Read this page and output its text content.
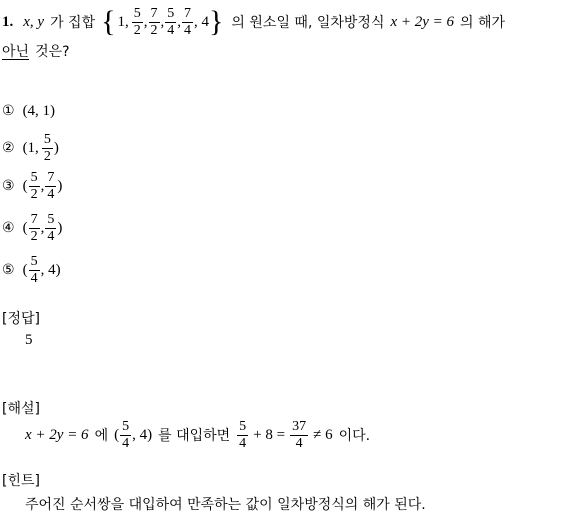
1. x, y 가 집합 { 1, $\frac{5}{2}$ , $\frac{7}{2}$ , $\frac{5}{4}$ , $\frac{7}{4}$ , 4 } 의 원소일 때, 일차방정식 x + 2y = 6 의 해가
아닌 것은?
① (4, 1)
② (1, $\frac{5}{2}$ )
③ ( $\frac{5}{2}$ , $\frac{7}{4}$ )
④ ( $\frac{7}{2}$ , $\frac{5}{4}$ )
⑤ ( $\frac{5}{4}$ , 4)
[정답]
5
[해설]
x + 2y = 6 에 ( $\frac{5}{4}$ , 4) 를 대입하면 $\frac{5}{4} + 8 = \frac{37}{4} \ne 6$ 이다.
[힌트]
주어진 순서쌍을 대입하여 만족하는 값이 일차방정식의 해가 된다.
